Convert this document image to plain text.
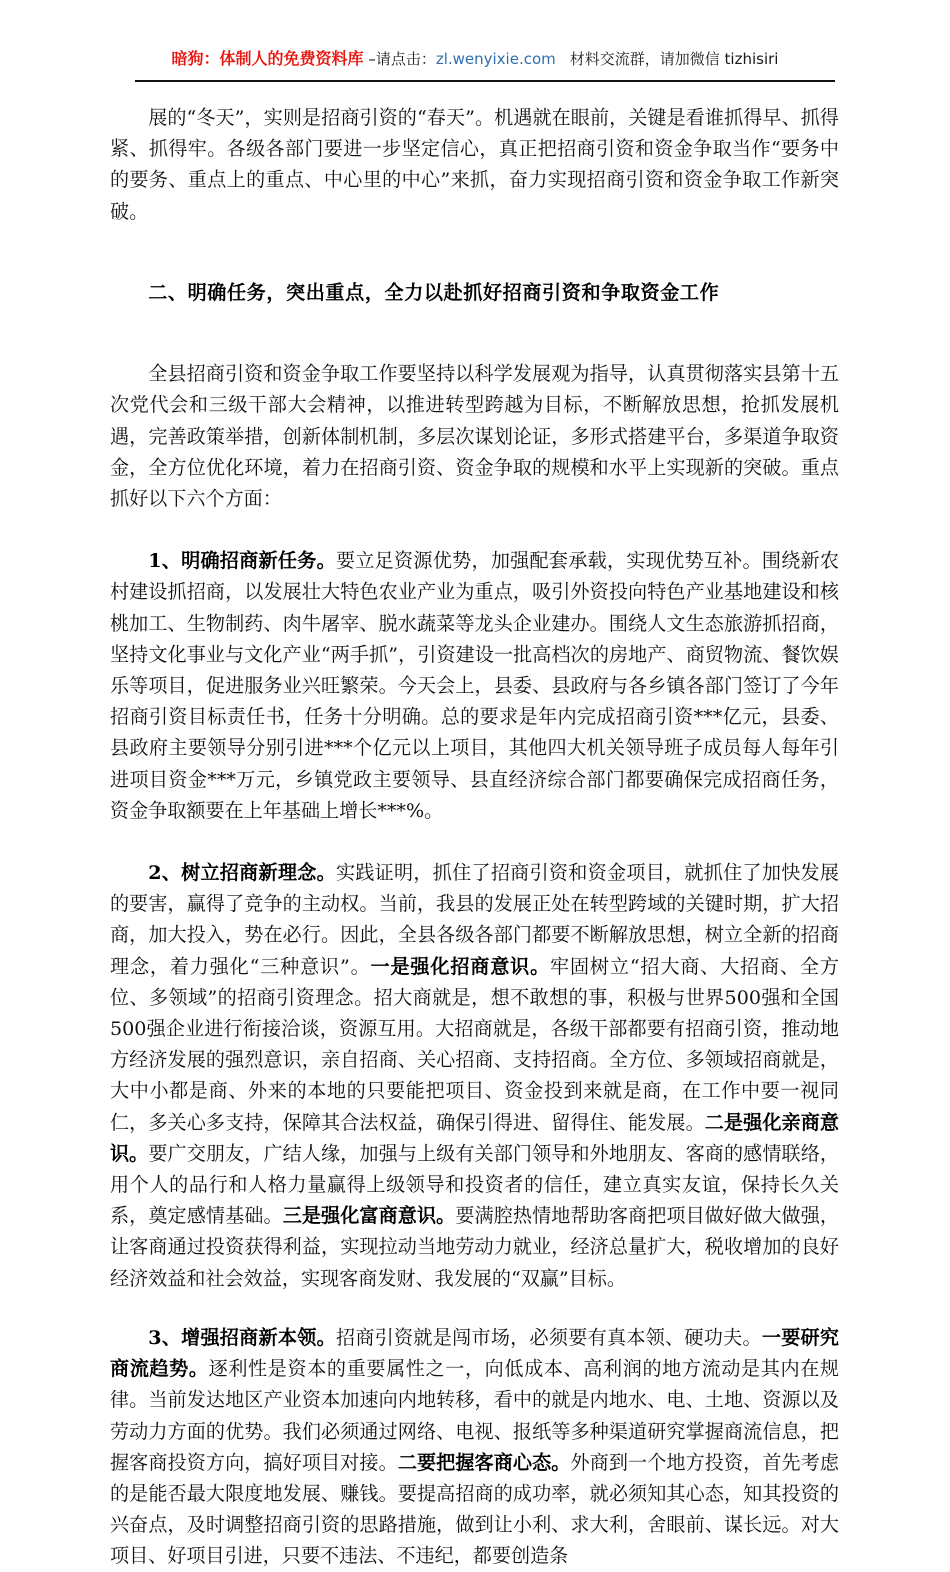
暗狗：体制人的免费资料库 –请点击：zl.wenyixie.com 材料交流群，请加微信 tizhisiri

展的“冬天”，实则是招商引资的“春天”。机遇就在眼前，关键是看谁抓得早、抓得紧、抓得牢。各级各部门要进一步坚定信心，真正把招商引资和资金争取当作“要务中的要务、重点上的重点、中心里的中心”来抓，奋力实现招商引资和资金争取工作新突破。

二、明确任务，突出重点，全力以赴抓好招商引资和争取资金工作

全县招商引资和资金争取工作要坚持以科学发展观为指导，认真贯彻落实县第十五次党代会和三级干部大会精神，以推进转型跨越为目标，不断解放思想，抢抓发展机遇，完善政策举措，创新体制机制，多层次谋划论证，多形式搭建平台，多渠道争取资金，全方位优化环境，着力在招商引资、资金争取的规模和水平上实现新的突破。重点抓好以下六个方面：

1、明确招商新任务。要立足资源优势，加强配套承载，实现优势互补。围绕新农村建设抓招商，以发展壮大特色农业产业为重点，吸引外资投向特色产业基地建设和核桃加工、生物制药、肉牛屠宰、脱水蔬菜等龙头企业建办。围绕人文生态旅游抓招商，坚持文化事业与文化产业“两手抓”，引资建设一批高档次的房地产、商贸物流、餐饮娱乐等项目，促进服务业兴旺繁荣。今天会上，县委、县政府与各乡镇各部门签订了今年招商引资目标责任书，任务十分明确。总的要求是年内完成招商引资***亿元，县委、县政府主要领导分别引进***个亿元以上项目，其他四大机关领导班子成员每人每年引进项目资金***万元，乡镇党政主要领导、县直经济综合部门都要确保完成招商任务，资金争取额要在上年基础上增长***%。

2、树立招商新理念。实践证明，抓住了招商引资和资金项目，就抓住了加快发展的要害，赢得了竞争的主动权。当前，我县的发展正处在转型跨域的关键时期，扩大招商，加大投入，势在必行。因此，全县各级各部门都要不断解放思想，树立全新的招商理念，着力强化“三种意识”。一是强化招商意识。牢固树立“招大商、大招商、全方位、多领域”的招商引资理念。招大商就是，想不敢想的事，积极与世界500强和全国500强企业进行衔接洽谈，资源互用。大招商就是，各级干部都要有招商引资，推动地方经济发展的强烈意识，亲自招商、关心招商、支持招商。全方位、多领域招商就是，大中小都是商、外来的本地的只要能把项目、资金投到来就是商，在工作中要一视同仁，多关心多支持，保障其合法权益，确保引得进、留得住、能发展。二是强化亲商意识。要广交朋友，广结人缘，加强与上级有关部门领导和外地朋友、客商的感情联络，用个人的品行和人格力量赢得上级领导和投资者的信任，建立真实友谊，保持长久关系，奠定感情基础。三是强化富商意识。要满腔热情地帮助客商把项目做好做大做强，让客商通过投资获得利益，实现拉动当地劳动力就业，经济总量扩大，税收增加的良好经济效益和社会效益，实现客商发财、我发展的“双赢”目标。

3、增强招商新本领。招商引资就是闯市场，必须要有真本领、硬功夫。一要研究商流趋势。逐利性是资本的重要属性之一，向低成本、高利润的地方流动是其内在规律。当前发达地区产业资本加速向内地转移，看中的就是内地水、电、土地、资源以及劳动力方面的优势。我们必须通过网络、电视、报纸等多种渠道研究掌握商流信息，把握客商投资方向，搞好项目对接。二要把握客商心态。外商到一个地方投资，首先考虑的是能否最大限度地发展、赚钱。要提高招商的成功率，就必须知其心态，知其投资的兴奋点，及时调整招商引资的思路措施，做到让小利、求大利，舍眼前、谋长远。对大项目、好项目引进，只要不违法、不违纪，都要创造条
